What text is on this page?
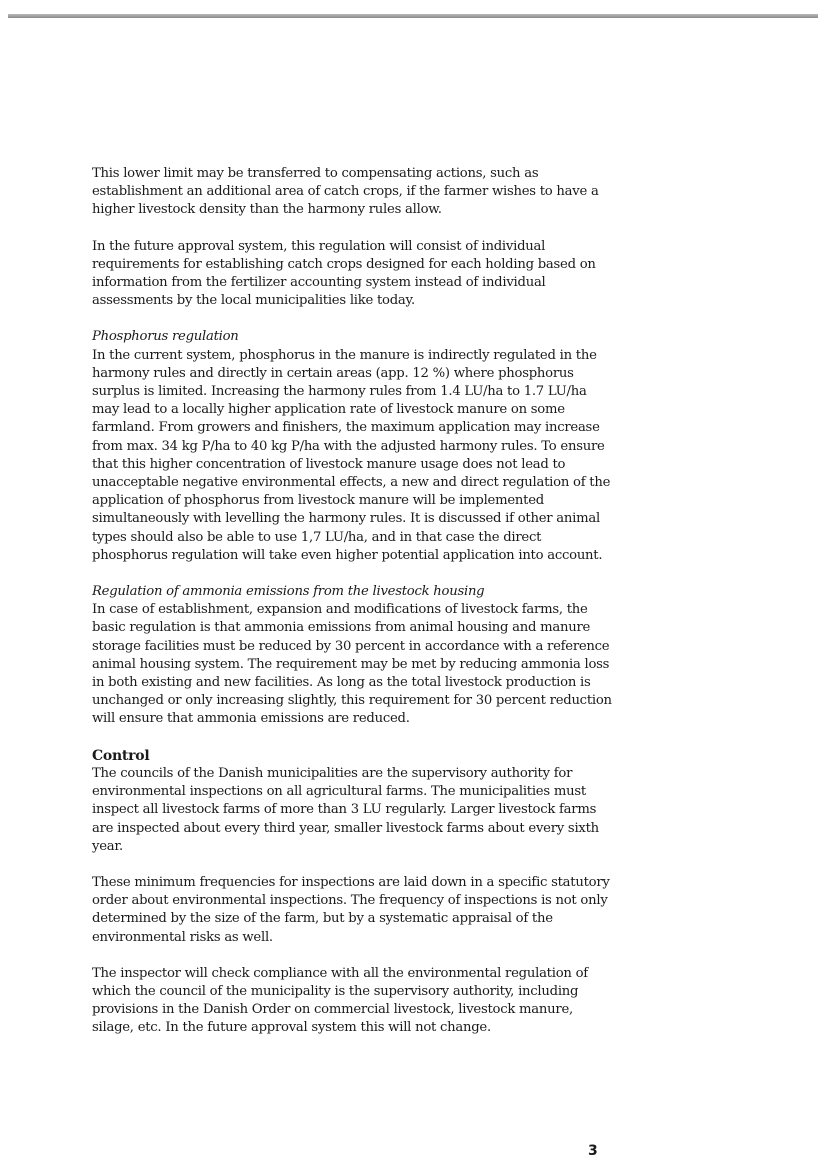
This lower limit may be transferred to compensating actions, such as establishment an additional area of catch crops, if the farmer wishes to have a higher livestock density than the harmony rules allow.

In the future approval system, this regulation will consist of individual requirements for establishing catch crops designed for each holding based on information from the fertilizer accounting system instead of individual assessments by the local municipalities like today.

Phosphorus regulation

In the current system, phosphorus in the manure is indirectly regulated in the harmony rules and directly in certain areas (app. 12 %) where phosphorus surplus is limited. Increasing the harmony rules from 1.4 LU/ha to 1.7 LU/ha may lead to a locally higher application rate of livestock manure on some farmland. From growers and finishers, the maximum application may increase from max. 34 kg P/ha to 40 kg P/ha with the adjusted harmony rules. To ensure that this higher concentration of livestock manure usage does not lead to unacceptable negative environmental effects, a new and direct regulation of the application of phosphorus from livestock manure will be implemented simultaneously with levelling the harmony rules. It is discussed if other animal types should also be able to use 1,7 LU/ha, and in that case the direct phosphorus regulation will take even higher potential application into account.

Regulation of ammonia emissions from the livestock housing

In case of establishment, expansion and modifications of livestock farms, the basic regulation is that ammonia emissions from animal housing and manure storage facilities must be reduced by 30 percent in accordance with a reference animal housing system. The requirement may be met by reducing ammonia loss in both existing and new facilities. As long as the total livestock production is unchanged or only increasing slightly, this requirement for 30 percent reduction will ensure that ammonia emissions are reduced.

Control

The councils of the Danish municipalities are the supervisory authority for environmental inspections on all agricultural farms. The municipalities must inspect all livestock farms of more than 3 LU regularly. Larger livestock farms are inspected about every third year, smaller livestock farms about every sixth year.

These minimum frequencies for inspections are laid down in a specific statutory order about environmental inspections. The frequency of inspections is not only determined by the size of the farm, but by a systematic appraisal of the environmental risks as well.

The inspector will check compliance with all the environmental regulation of which the council of the municipality is the supervisory authority, including provisions in the Danish Order on commercial livestock, livestock manure, silage, etc. In the future approval system this will not change.

3
